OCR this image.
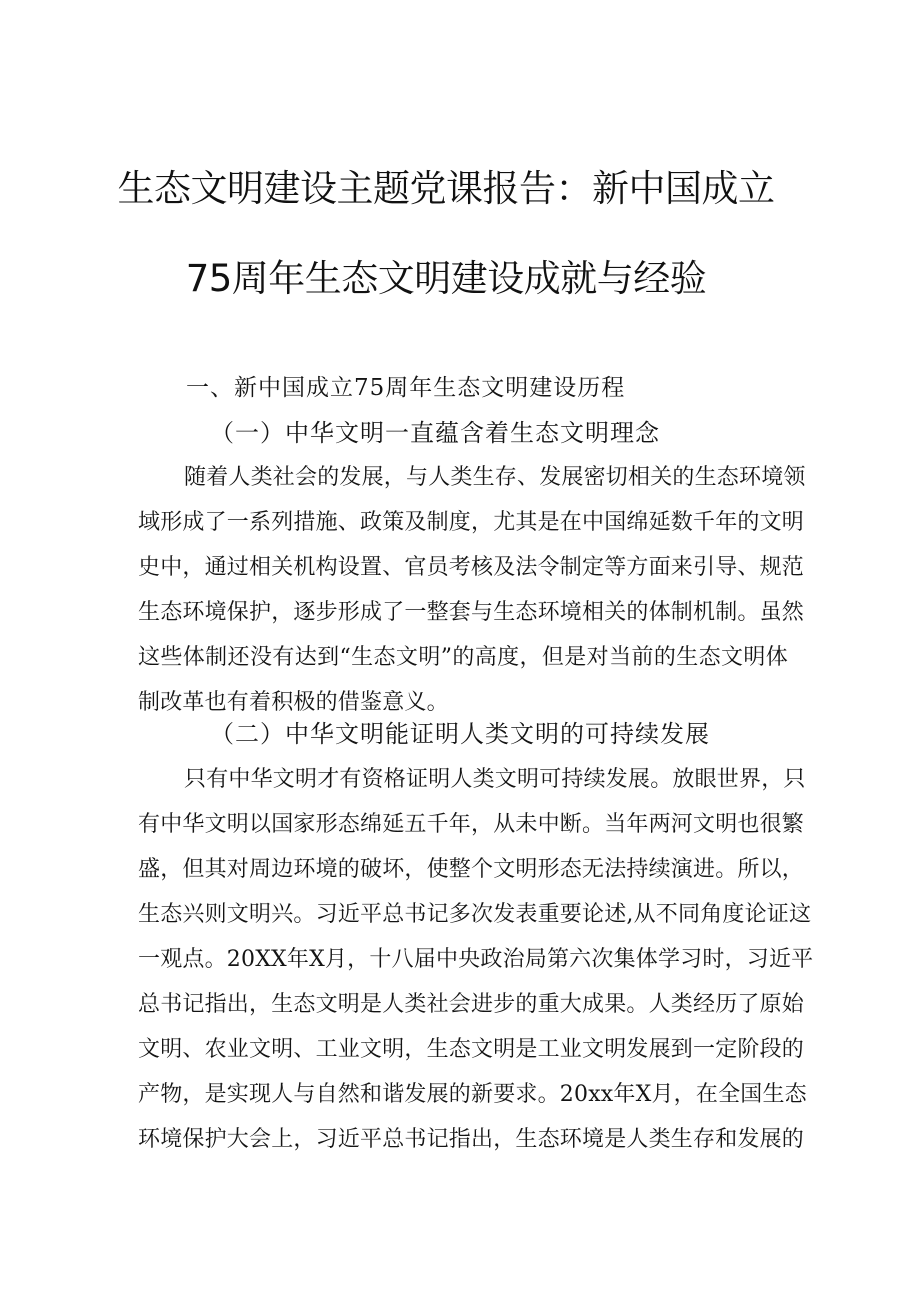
生态文明建设主题党课报告：新中国成立
75周年生态文明建设成就与经验
一、新中国成立75周年生态文明建设历程
（一）中华文明一直蕴含着生态文明理念
随着人类社会的发展，与人类生存、发展密切相关的生态环境领
域形成了一系列措施、政策及制度，尤其是在中国绵延数千年的文明
史中，通过相关机构设置、官员考核及法令制定等方面来引导、规范
生态环境保护，逐步形成了一整套与生态环境相关的体制机制。虽然
这些体制还没有达到“生态文明”的高度，但是对当前的生态文明体
制改革也有着积极的借鉴意义。
（二）中华文明能证明人类文明的可持续发展
只有中华文明才有资格证明人类文明可持续发展。放眼世界，只
有中华文明以国家形态绵延五千年，从未中断。当年两河文明也很繁
盛，但其对周边环境的破坏，使整个文明形态无法持续演进。所以，
生态兴则文明兴。习近平总书记多次发表重要论述,从不同角度论证这
一观点。20XX年X月，十八届中央政治局第六次集体学习时，习近平
总书记指出，生态文明是人类社会进步的重大成果。人类经历了原始
文明、农业文明、工业文明，生态文明是工业文明发展到一定阶段的
产物，是实现人与自然和谐发展的新要求。20xx年X月，在全国生态
环境保护大会上，习近平总书记指出，生态环境是人类生存和发展的
